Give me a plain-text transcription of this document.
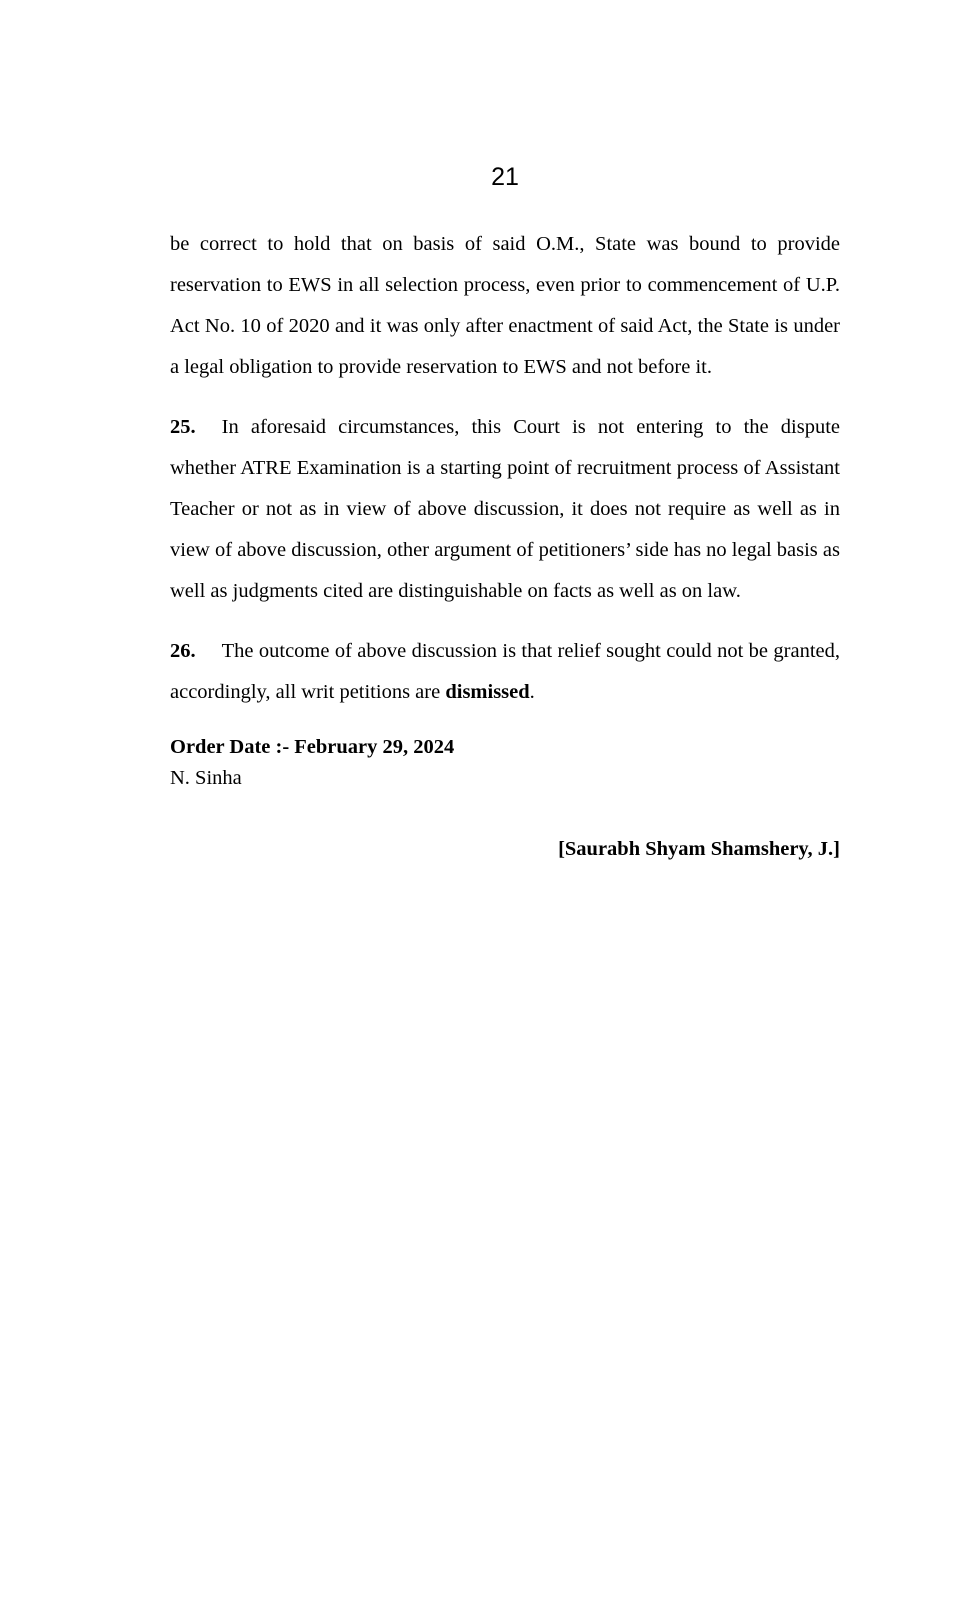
21

be correct to hold that on basis of said O.M., State was bound to provide reservation to EWS in all selection process, even prior to commencement of U.P. Act No. 10 of 2020 and it was only after enactment of said Act, the State is under a legal obligation to provide reservation to EWS and not before it.

25. In aforesaid circumstances, this Court is not entering to the dispute whether ATRE Examination is a starting point of recruitment process of Assistant Teacher or not as in view of above discussion, it does not require as well as in view of above discussion, other argument of petitioners’ side has no legal basis as well as judgments cited are distinguishable on facts as well as on law.

26. The outcome of above discussion is that relief sought could not be granted, accordingly, all writ petitions are dismissed.

Order Date :- February 29, 2024

N. Sinha

[Saurabh Shyam Shamshery, J.]
